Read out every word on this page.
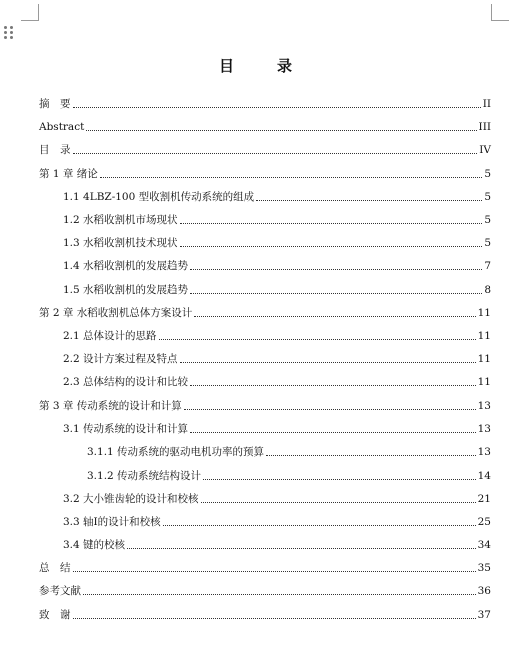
目　录
摘　要	II
Abstract	III
目　录	IV
第 1 章 绪论	5
1.1 4LBZ-100 型收割机传动系统的组成	5
1.2 水稻收割机市场现状	5
1.3 水稻收割机技术现状	5
1.4 水稻收割机的发展趋势	7
1.5 水稻收割机的发展趋势	8
第 2 章 水稻收割机总体方案设计	11
2.1 总体设计的思路	11
2.2 设计方案过程及特点	11
2.3 总体结构的设计和比较	11
第 3 章 传动系统的设计和计算	13
3.1 传动系统的设计和计算	13
3.1.1 传动系统的驱动电机功率的预算	13
3.1.2 传动系统结构设计	14
3.2 大小锥齿轮的设计和校核	21
3.3 轴Ⅰ的设计和校核	25
3.4 键的校核	34
总　结	35
参考文献	36
致　谢	37
